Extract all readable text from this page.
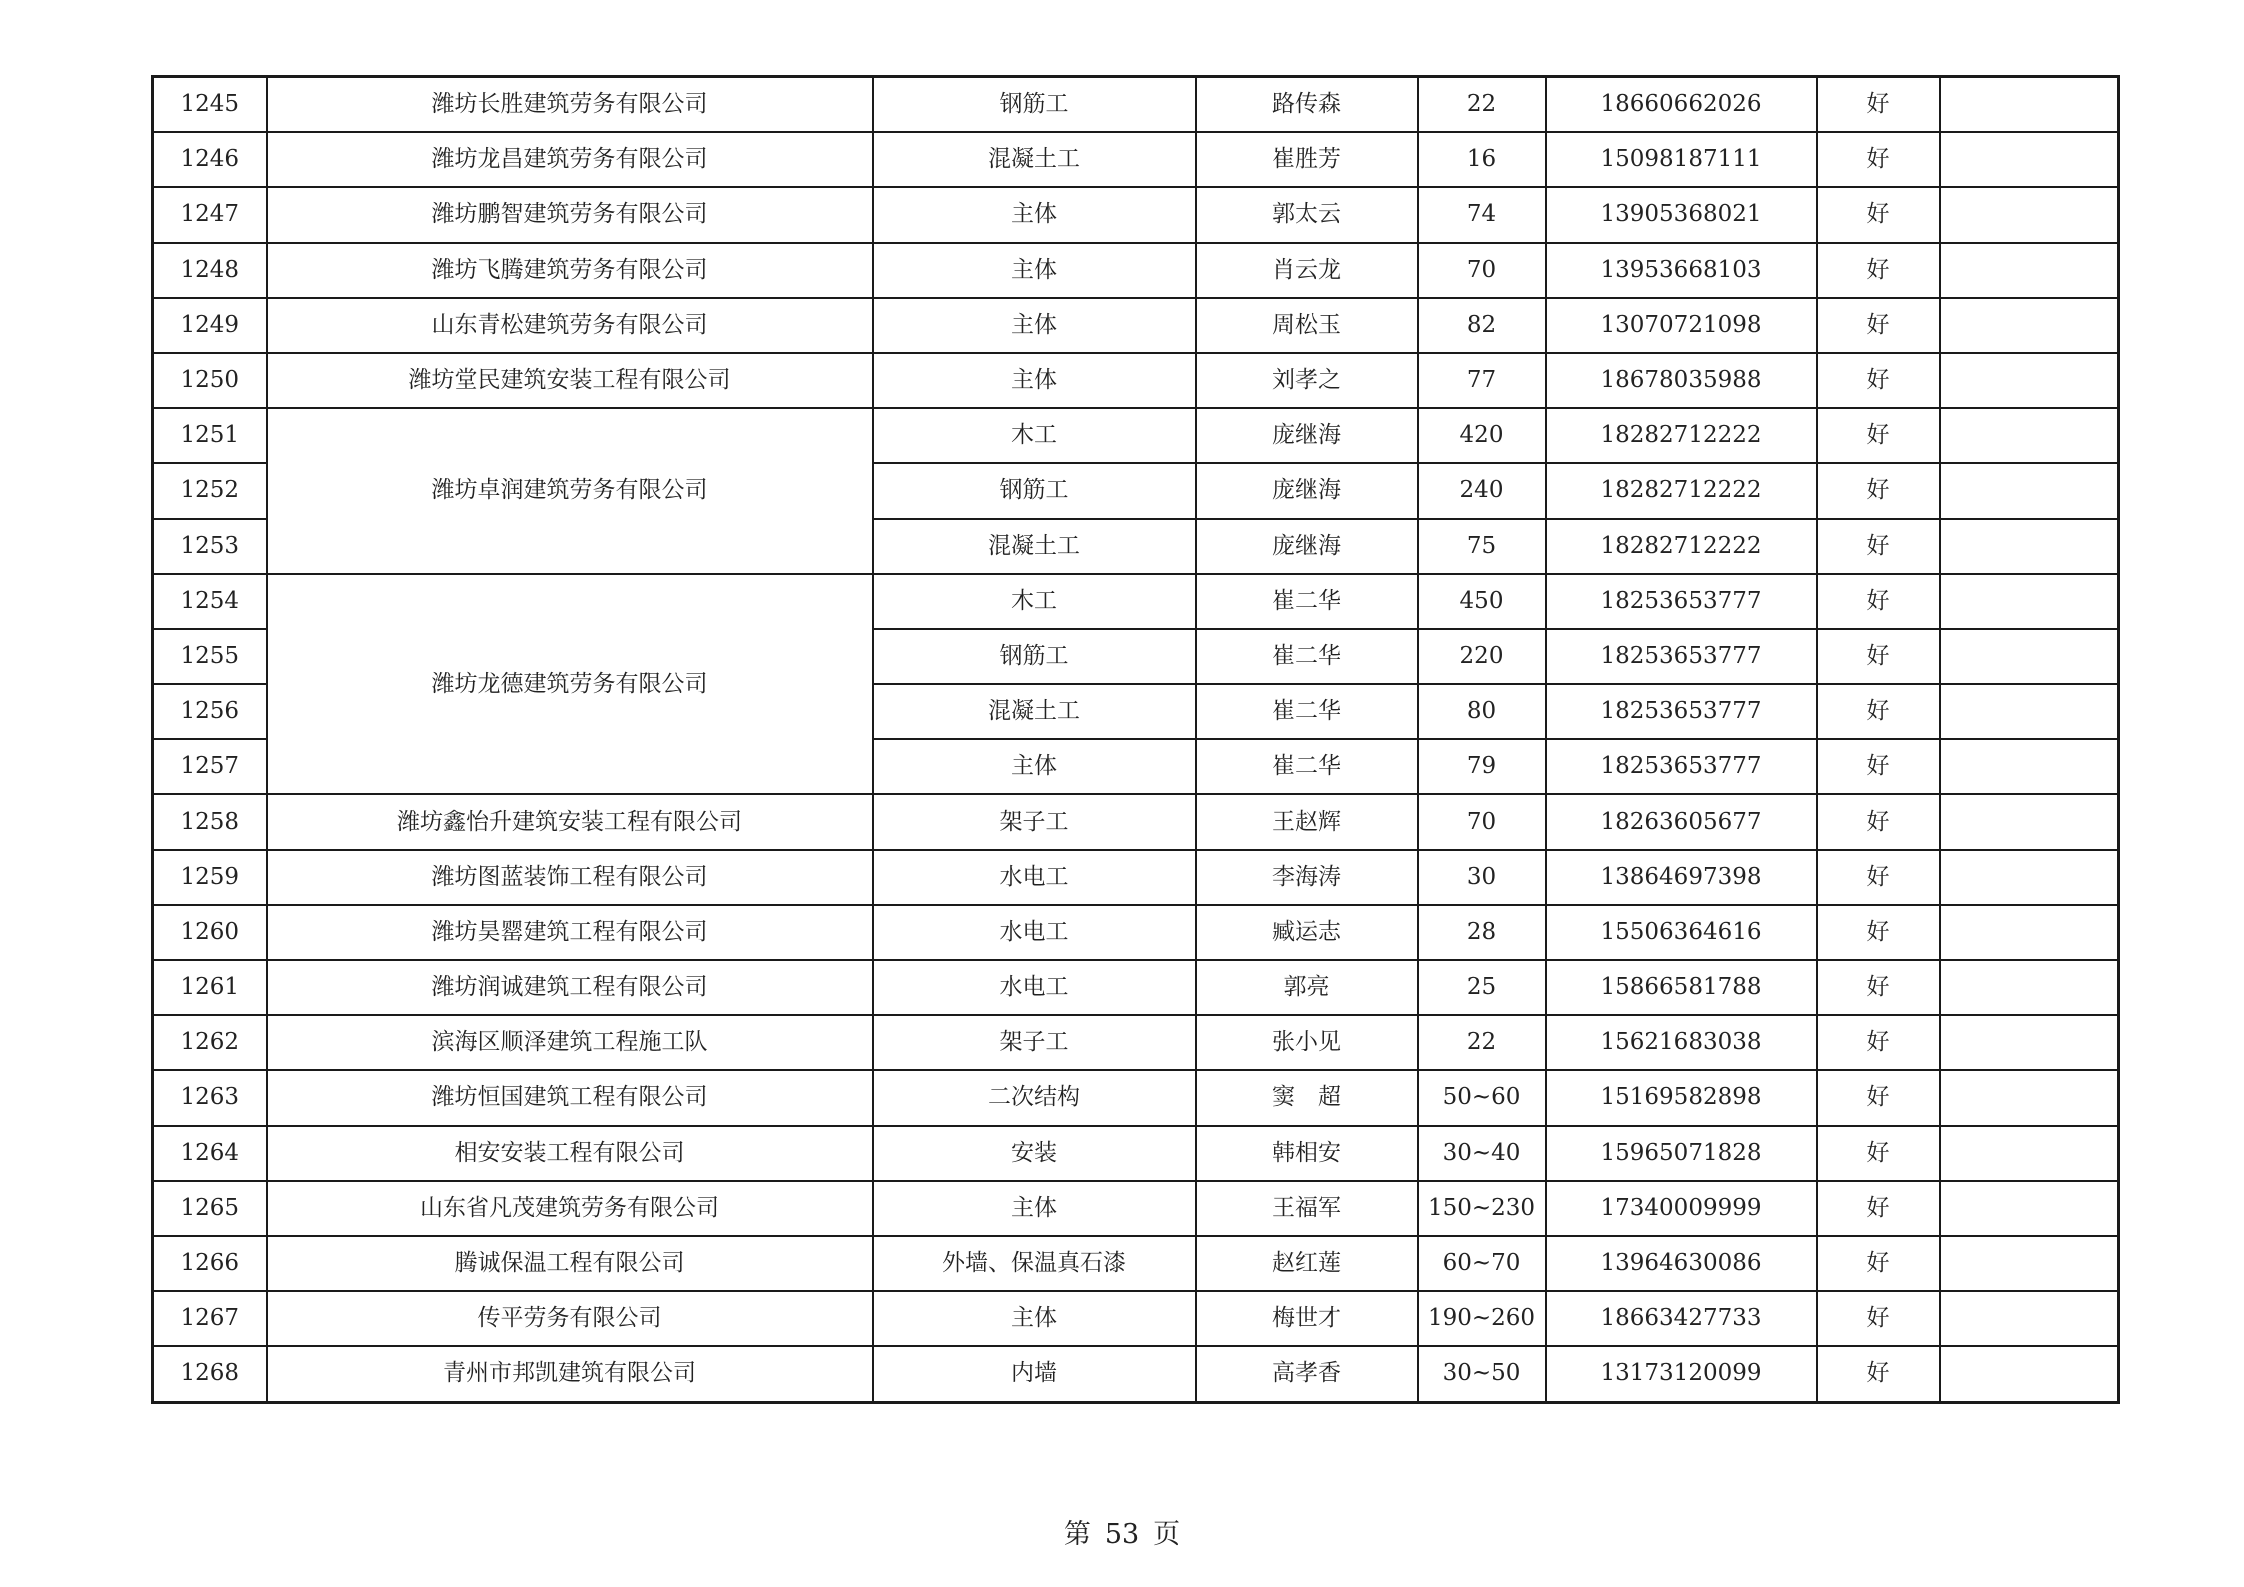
1245	潍坊长胜建筑劳务有限公司	钢筋工	路传森	22	18660662026	好	
1246	潍坊龙昌建筑劳务有限公司	混凝土工	崔胜芳	16	15098187111	好	
1247	潍坊鹏智建筑劳务有限公司	主体	郭太云	74	13905368021	好	
1248	潍坊飞腾建筑劳务有限公司	主体	肖云龙	70	13953668103	好	
1249	山东青松建筑劳务有限公司	主体	周松玉	82	13070721098	好	
1250	潍坊堂民建筑安装工程有限公司	主体	刘孝之	77	18678035988	好	
1251	潍坊卓润建筑劳务有限公司	木工	庞继海	420	18282712222	好	
1252		钢筋工	庞继海	240	18282712222	好	
1253		混凝土工	庞继海	75	18282712222	好	
1254	潍坊龙德建筑劳务有限公司	木工	崔二华	450	18253653777	好	
1255		钢筋工	崔二华	220	18253653777	好	
1256		混凝土工	崔二华	80	18253653777	好	
1257		主体	崔二华	79	18253653777	好	
1258	潍坊鑫怡升建筑安装工程有限公司	架子工	王赵辉	70	18263605677	好	
1259	潍坊图蓝装饰工程有限公司	水电工	李海涛	30	13864697398	好	
1260	潍坊昊罂建筑工程有限公司	水电工	臧运志	28	15506364616	好	
1261	潍坊润诚建筑工程有限公司	水电工	郭亮	25	15866581788	好	
1262	滨海区顺泽建筑工程施工队	架子工	张小见	22	15621683038	好	
1263	潍坊恒国建筑工程有限公司	二次结构	窦　超	50~60	15169582898	好	
1264	相安安装工程有限公司	安装	韩相安	30~40	15965071828	好	
1265	山东省凡茂建筑劳务有限公司	主体	王福军	150~230	17340009999	好	
1266	腾诚保温工程有限公司	外墙、保温真石漆	赵红莲	60~70	13964630086	好	
1267	传平劳务有限公司	主体	梅世才	190~260	18663427733	好	
1268	青州市邦凯建筑有限公司	内墙	高孝香	30~50	13173120099	好	
第 53 页
